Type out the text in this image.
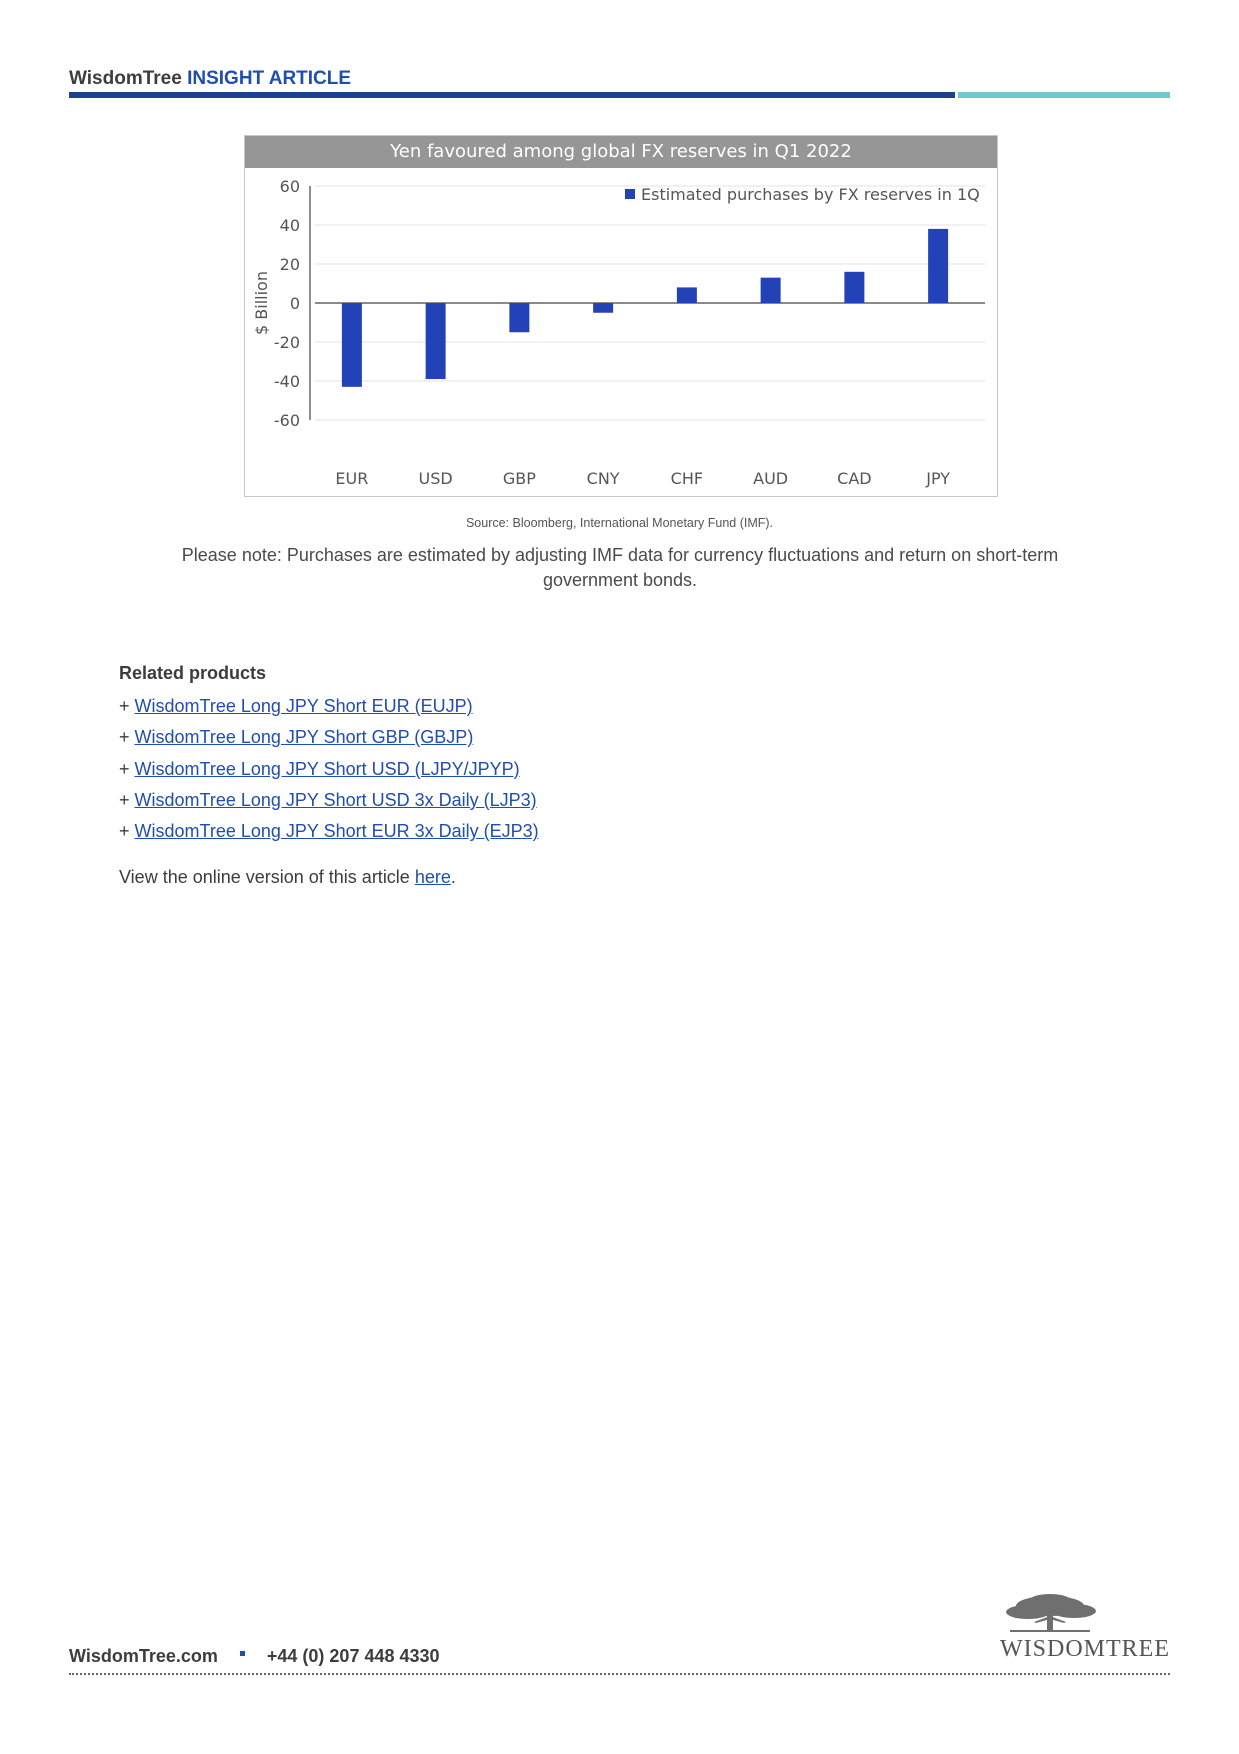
WisdomTree INSIGHT ARTICLE
Yen favoured among global FX reserves in Q1 2022
60
40
20
0
-20
-40
-60
$ Billion
EUR	USD	GBP	CNY	CHF	AUD	CAD	JPY
Estimated purchases by FX reserves in 1Q
Source: Bloomberg, International Monetary Fund (IMF).
Please note: Purchases are estimated by adjusting IMF data for currency fluctuations and return on short-term government bonds.
Related products
+ WisdomTree Long JPY Short EUR (EUJP)
+ WisdomTree Long JPY Short GBP (GBJP)
+ WisdomTree Long JPY Short USD (LJPY/JPYP)
+ WisdomTree Long JPY Short USD 3x Daily (LJP3)
+ WisdomTree Long JPY Short EUR 3x Daily (EJP3)
View the online version of this article here.
WisdomTree.com	+44 (0) 207 448 4330	WISDOMTREE
